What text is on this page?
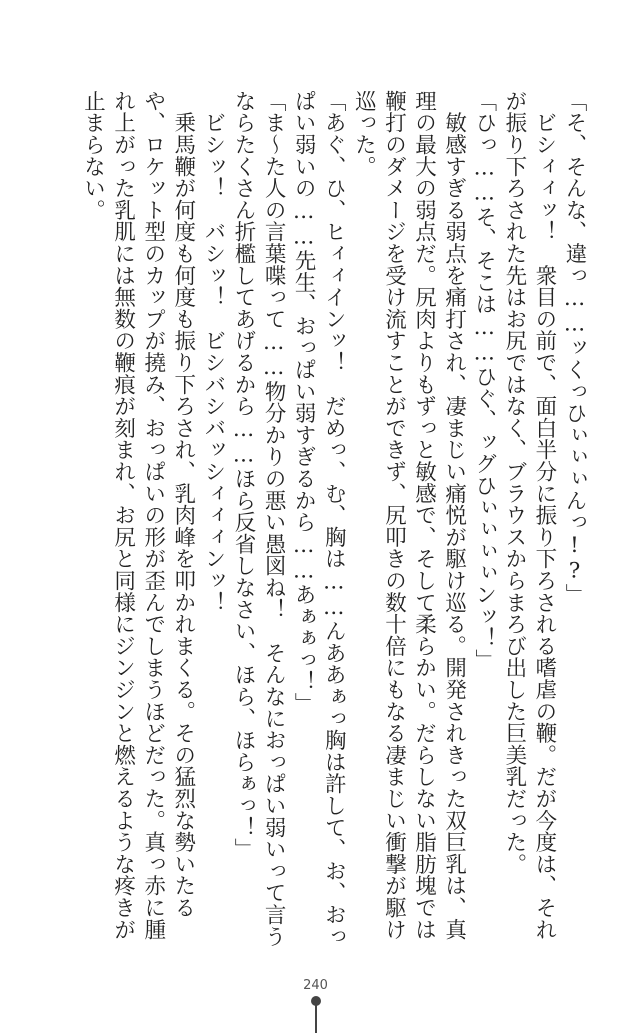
「そ、そんな、違っ……ッくっひぃぃぃんっ!?」

　ビシィィッ！　衆目の前で、面白半分に振り下ろされる嗜虐の鞭。だが今度は、それが振り下ろされた先はお尻ではなく、ブラウスからまろび出した巨美乳だった。

「ひっ……そ、そこは……ひぐ、ッグひぃぃぃぃンッ！」

　敏感すぎる弱点を痛打され、凄まじい痛悦が駆け巡る。開発されきった双巨乳は、真理の最大の弱点だ。尻肉よりもずっと敏感で、そして柔らかい。だらしない脂肪塊では鞭打のダメージを受け流すことができず、尻叩きの数十倍にもなる凄まじい衝撃が駆け巡った。

「あぐ、ひ、ヒィィインッ！　だめっ、む、胸は……んああぁっ胸は許して、お、おっぱい弱いの……先生、おっぱい弱すぎるから……あぁぁっ！」

「ま〜た人の言葉喋って……物分かりの悪い愚図ね！　そんなにおっぱい弱いって言うならたくさん折檻してあげるから……ほら反省しなさい、ほら、ほらぁっ！」

　ビシッ！　バシッ！　ビシバシバッシィィィンッ！

　乗馬鞭が何度も何度も振り下ろされ、乳肉峰を叩かれまくる。その猛烈な勢いたるや、ロケット型のカップが撓み、おっぱいの形が歪んでしまうほどだった。真っ赤に腫れ上がった乳肌には無数の鞭痕が刻まれ、お尻と同様にジンジンと燃えるような疼きが止まらない。

240
